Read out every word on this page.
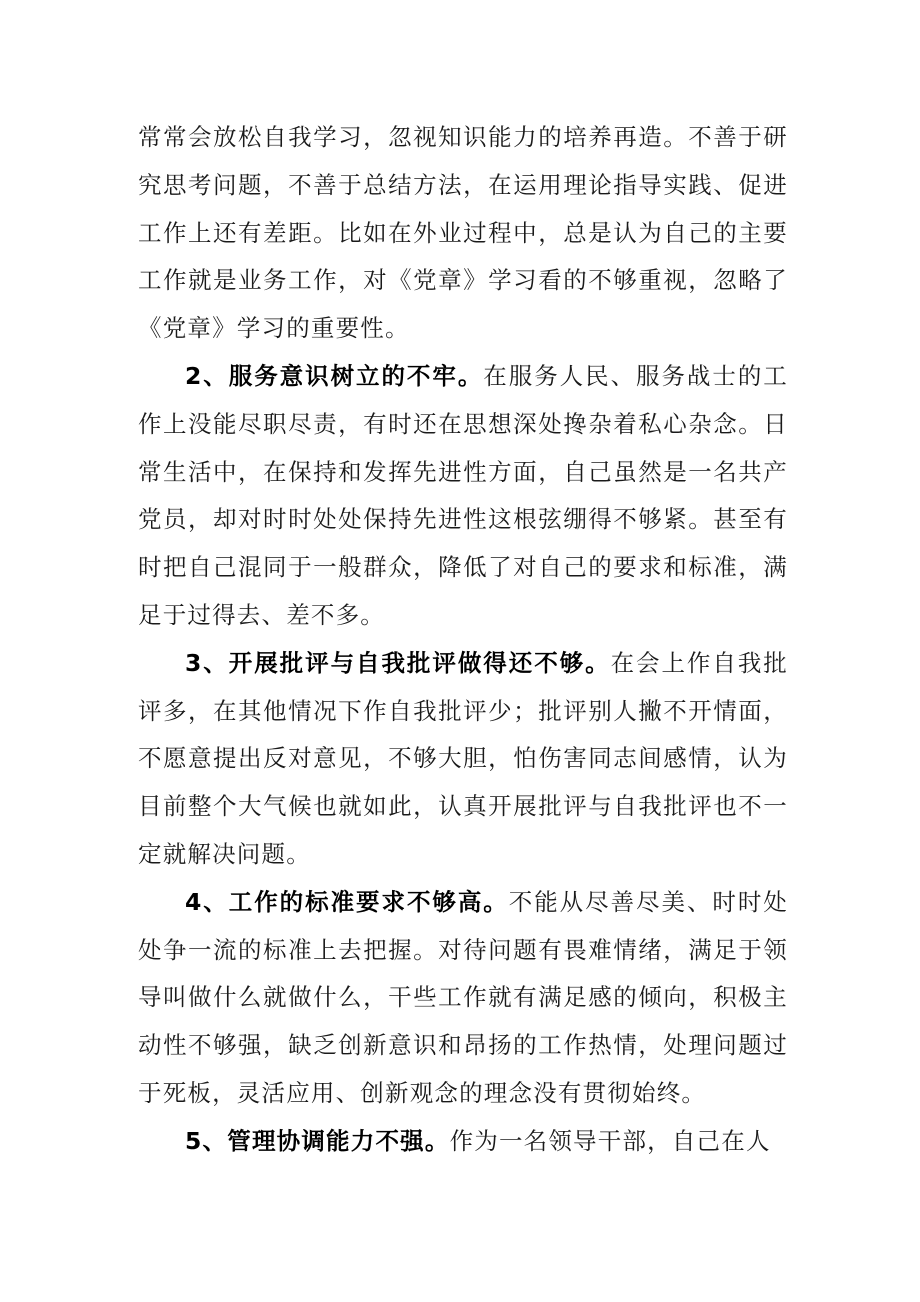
常常会放松自我学习，忽视知识能力的培养再造。不善于研究思考问题，不善于总结方法，在运用理论指导实践、促进工作上还有差距。比如在外业过程中，总是认为自己的主要工作就是业务工作，对《党章》学习看的不够重视，忽略了《党章》学习的重要性。

2、服务意识树立的不牢。在服务人民、服务战士的工作上没能尽职尽责，有时还在思想深处搀杂着私心杂念。日常生活中，在保持和发挥先进性方面，自己虽然是一名共产党员，却对时时处处保持先进性这根弦绷得不够紧。甚至有时把自己混同于一般群众，降低了对自己的要求和标准，满足于过得去、差不多。

3、开展批评与自我批评做得还不够。在会上作自我批评多，在其他情况下作自我批评少；批评别人撇不开情面，不愿意提出反对意见，不够大胆，怕伤害同志间感情，认为目前整个大气候也就如此，认真开展批评与自我批评也不一定就解决问题。

4、工作的标准要求不够高。不能从尽善尽美、时时处处争一流的标准上去把握。对待问题有畏难情绪，满足于领导叫做什么就做什么，干些工作就有满足感的倾向，积极主动性不够强，缺乏创新意识和昂扬的工作热情，处理问题过于死板，灵活应用、创新观念的理念没有贯彻始终。

5、管理协调能力不强。作为一名领导干部，自己在人
